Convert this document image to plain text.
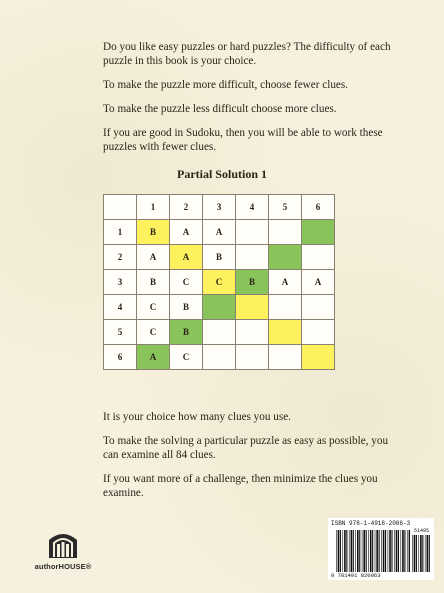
Do you like easy puzzles or hard puzzles? The difficulty of each puzzle in this book is your choice.

To make the puzzle more difficult, choose fewer clues.

To make the puzzle less difficult choose more clues.

If you are good in Sudoku, then you will be able to work these puzzles with fewer clues.

Partial Solution 1
	1	2	3	4	5	6
1	B	A	A			
2	A	A	B			
3	B	C	C	B	A	A
4	C	B				
5	C	B				
6	A	C				

It is your choice how many clues you use.

To make the solving a particular puzzle as easy as possible, you can examine all 84 clues.

If you want more of a challenge, then minimize the clues you examine.

authorHOUSE®
ISBN 978-1-4918-2006-3
51495
9 781491 820063
